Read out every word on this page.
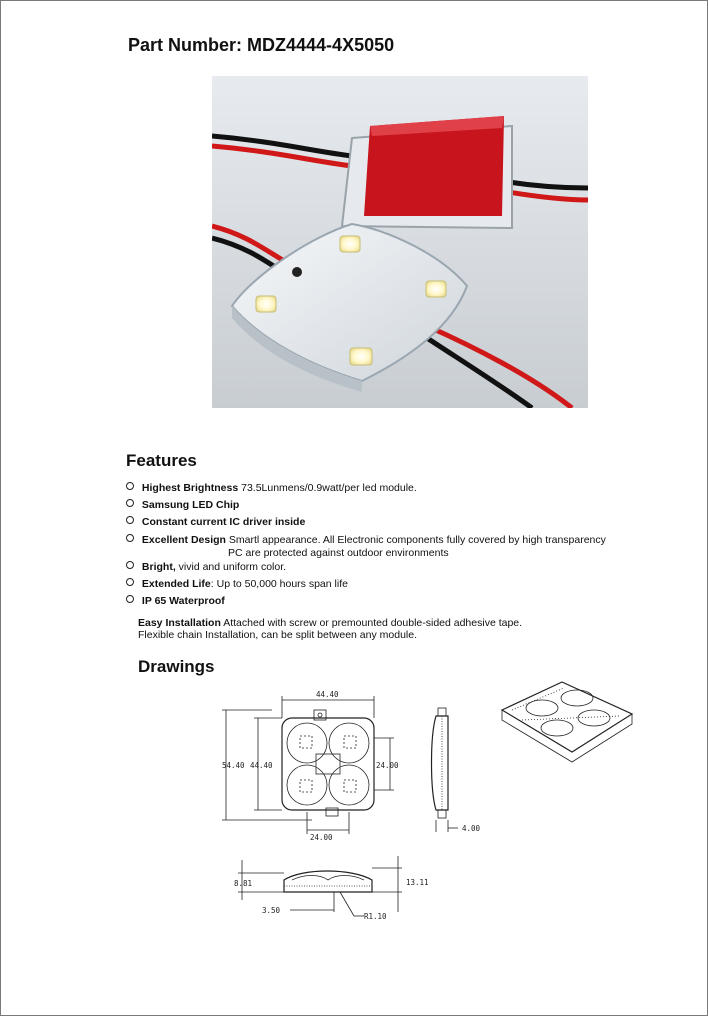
Part Number: MDZ4444-4X5050
Features
Highest Brightness 73.5Lunmens/0.9watt/per led module.
Samsung LED Chip
Constant current IC driver inside
Excellent Design Smartl appearance. All Electronic components fully covered by high transparency
PC are protected against outdoor environments
Bright, vivid and uniform color.
Extended Life: Up to 50,000 hours span life
IP 65 Waterproof
Easy Installation Attached with screw or premounted double-sided adhesive tape.
Flexible chain Installation, can be split between any module.
Drawings
44.40
54.40 44.40	24.00
24.00
4.00
8.81	13.11
3.50
R1.10
